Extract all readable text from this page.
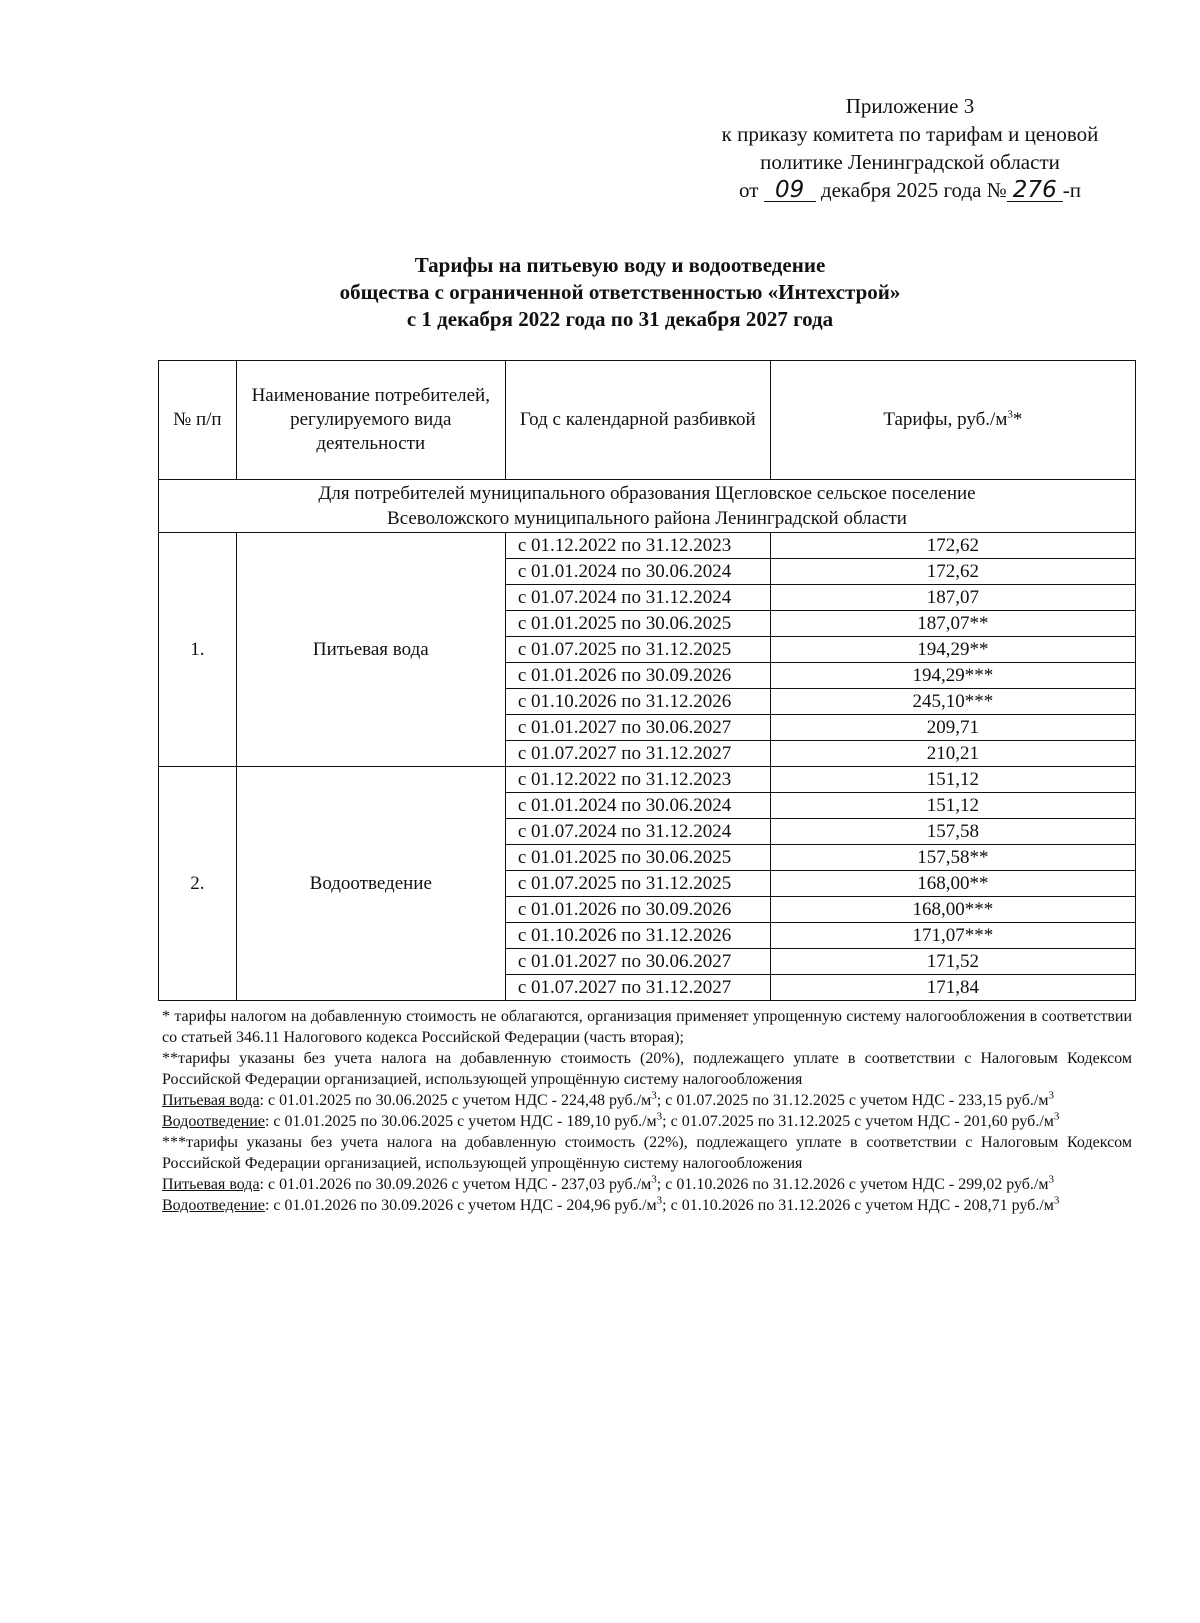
Приложение 3
к приказу комитета по тарифам и ценовой
политике Ленинградской области
от 09 декабря 2025 года № 276 -п
Тарифы на питьевую воду и водоотведение
общества с ограниченной ответственностью «Интехстрой»
с 1 декабря 2022 года по 31 декабря 2027 года
№ п/п	Наименование потребителей, регулируемого вида деятельности	Год с календарной разбивкой	Тарифы, $руб./м^3*$

Для потребителей муниципального образования Щегловское сельское поселение
Всеволожского муниципального района Ленинградской области			

1.	Питьевая вода	с 01.12.2022 по 31.12.2023	172,62
		с 01.01.2024 по 30.06.2024	172,62
		с 01.07.2024 по 31.12.2024	187,07
		с 01.01.2025 по 30.06.2025	187,07**
		с 01.07.2025 по 31.12.2025	194,29**
		с 01.01.2026 по 30.09.2026	194,29***
		с 01.10.2026 по 31.12.2026	245,10***
		с 01.01.2027 по 30.06.2027	209,71
		с 01.07.2027 по 31.12.2027	210,21
2.	Водоотведение	с 01.12.2022 по 31.12.2023	151,12
		с 01.01.2024 по 30.06.2024	151,12
		с 01.07.2024 по 31.12.2024	157,58
		с 01.01.2025 по 30.06.2025	157,58**
		с 01.07.2025 по 31.12.2025	168,00**
		с 01.01.2026 по 30.09.2026	168,00***
		с 01.10.2026 по 31.12.2026	171,07***
		с 01.01.2027 по 30.06.2027	171,52
		с 01.07.2027 по 31.12.2027	171,84

* тарифы налогом на добавленную стоимость не облагаются, организация применяет упрощенную систему налогообложения в соответствии со статьей 346.11 Налогового кодекса Российской Федерации (часть вторая);

**тарифы указаны без учета налога на добавленную стоимость (20%), подлежащего уплате в соответствии с Налоговым Кодексом Российской Федерации организацией, использующей упрощённую систему налогообложения

Питьевая вода: с 01.01.2025 по 30.06.2025 с учетом НДС - 224,48 $руб./м^3$; с 01.07.2025 по 31.12.2025 с учетом НДС - 233,15 $руб./м^3$

Водоотведение: с 01.01.2025 по 30.06.2025 с учетом НДС - 189,10 $руб./м^3$; с 01.07.2025 по 31.12.2025 с учетом НДС - 201,60 $руб./м^3$

***тарифы указаны без учета налога на добавленную стоимость (22%), подлежащего уплате в соответствии с Налоговым Кодексом Российской Федерации организацией, использующей упрощённую систему налогообложения

Питьевая вода: с 01.01.2026 по 30.09.2026 с учетом НДС - 237,03 $руб./м^3$; с 01.10.2026 по 31.12.2026 с учетом НДС - 299,02 $руб./м^3$

Водоотведение: с 01.01.2026 по 30.09.2026 с учетом НДС - 204,96 $руб./м^3$; с 01.10.2026 по 31.12.2026 с учетом НДС - 208,71 $руб./м^3$
